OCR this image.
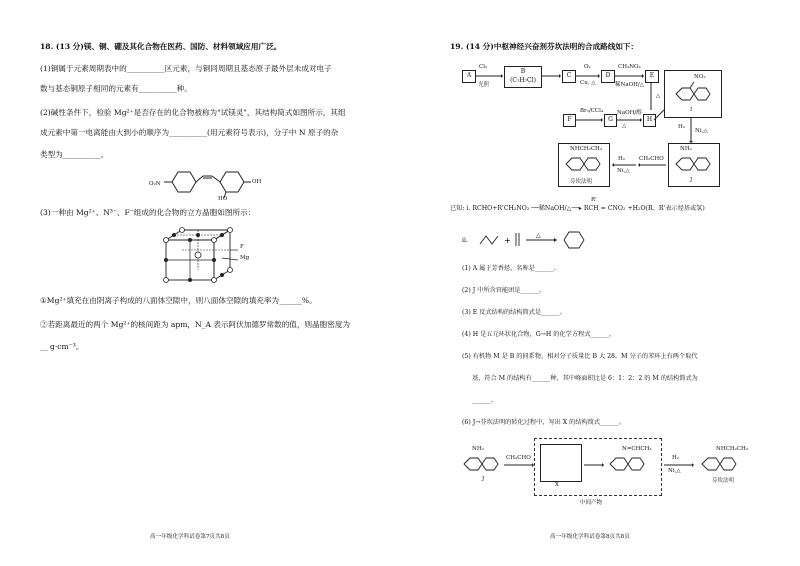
18. (13 分)镁、铜、硼及其化合物在医药、国防、材料领域应用广泛。
(1)铜属于元素周期表中的__________区元素，与铜同周期且基态原子最外层未成对电子
数与基态铜原子相同的元素有__________种。
(2)碱性条件下，检验 Mg²⁺是否存在的化合物被称为"试镁灵"，其结构简式如图所示，其组
成元素中第一电离能由大到小的顺序为__________(用元素符号表示)，分子中 N 原子的杂
类型为__________。
O₂N
HO
OH
(3)一种由 Mg²⁺、N³⁻、F⁻组成的化合物的立方晶胞如图所示：
F
Mg
①Mg²⁺填充在由阴离子构成的八面体空隙中，则八面体空隙的填充率为______%。
②若距离最近的两个 Mg²⁺的核间距为 apm，N_A 表示阿伏加德罗常数的值，则晶胞密度为
__ g·cm⁻³。
高一年级化学科试卷第7页共8页
19. (14 分)中枢神经兴奋剂芬坎法明的合成路线如下：
A
Cl₂
光照
B
(C₇H₇Cl)
C
O₂
Cu, △
D
CH₃NO₂
稀NaOH/△
E
△
NO₂
I
F
Br₂/CCl₄
G
NaOH/醇
△
H
H₂
Ni,△
NHCH₂CH₃
芬坎法明
H₂
Ni,△
CH₃CHO
NH₂
J
已知: i. RCHO+R'CH₂NO₂ ──稀NaOH/△──▸ RCH = CNO₂ +H₂O(R、R'表示烃基或氢)
R'
ii.	+
△
(1) A 属于芳香烃，名称是______。
(2) J 中所含官能团是______。
(3) E 反式结构的结构简式是______。
(4) H 是五元环状化合物，G→H 的化学方程式______。
(5) 有机物 M 是 B 的同系物，相对分子质量比 B 大 28。M 分子的苯环上有两个取代
基，符合 M 的结构有______种，其中峰面积比是 6：1：2：2 的 M 的结构简式为
______。
(6) J→芬坎法明的转化过程中，写出 X 的结构简式______。
NH₂
J
CH₃CHO
X
N=CHCH₃
中间产物
H₂
Ni,△
NHCH₂CH₃
芬坎法明
高一年级化学科试卷第8页共8页
